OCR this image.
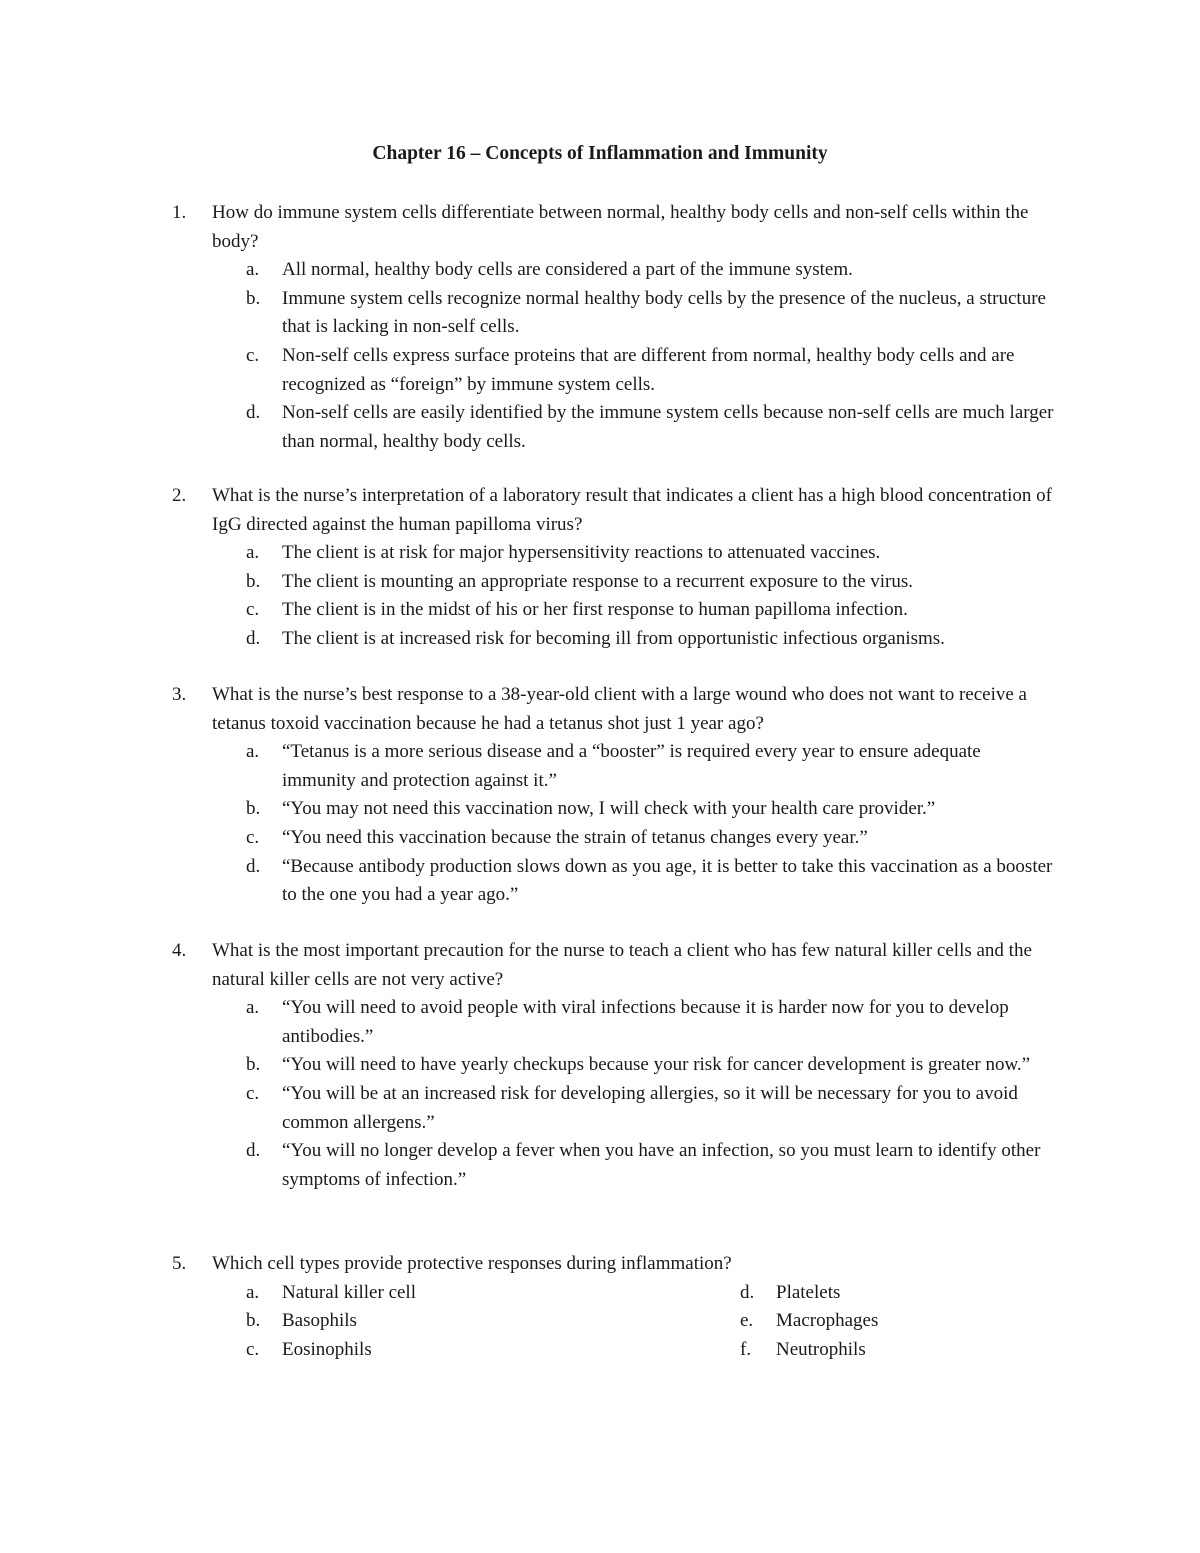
Chapter 16 – Concepts of Inflammation and Immunity
1.	How do immune system cells differentiate between normal, healthy body cells and non-self cells within the body?
a. All normal, healthy body cells are considered a part of the immune system.
b. Immune system cells recognize normal healthy body cells by the presence of the nucleus, a structure that is lacking in non-self cells.
c. Non-self cells express surface proteins that are different from normal, healthy body cells and are recognized as “foreign” by immune system cells.
d. Non-self cells are easily identified by the immune system cells because non-self cells are much larger than normal, healthy body cells.
2.	What is the nurse’s interpretation of a laboratory result that indicates a client has a high blood concentration of IgG directed against the human papilloma virus?
a. The client is at risk for major hypersensitivity reactions to attenuated vaccines.
b. The client is mounting an appropriate response to a recurrent exposure to the virus.
c. The client is in the midst of his or her first response to human papilloma infection.
d. The client is at increased risk for becoming ill from opportunistic infectious organisms.
3.	What is the nurse’s best response to a 38-year-old client with a large wound who does not want to receive a tetanus toxoid vaccination because he had a tetanus shot just 1 year ago?
a. “Tetanus is a more serious disease and a “booster” is required every year to ensure adequate immunity and protection against it.”
b. “You may not need this vaccination now, I will check with your health care provider.”
c. “You need this vaccination because the strain of tetanus changes every year.”
d. “Because antibody production slows down as you age, it is better to take this vaccination as a booster to the one you had a year ago.”
4.	What is the most important precaution for the nurse to teach a client who has few natural killer cells and the natural killer cells are not very active?
a. “You will need to avoid people with viral infections because it is harder now for you to develop antibodies.”
b. “You will need to have yearly checkups because your risk for cancer development is greater now.”
c. “You will be at an increased risk for developing allergies, so it will be necessary for you to avoid common allergens.”
d. “You will no longer develop a fever when you have an infection, so you must learn to identify other symptoms of infection.”
5.	Which cell types provide protective responses during inflammation?
a. Natural killer cell	d. Platelets
b. Basophils	e. Macrophages
c. Eosinophils	f. Neutrophils
